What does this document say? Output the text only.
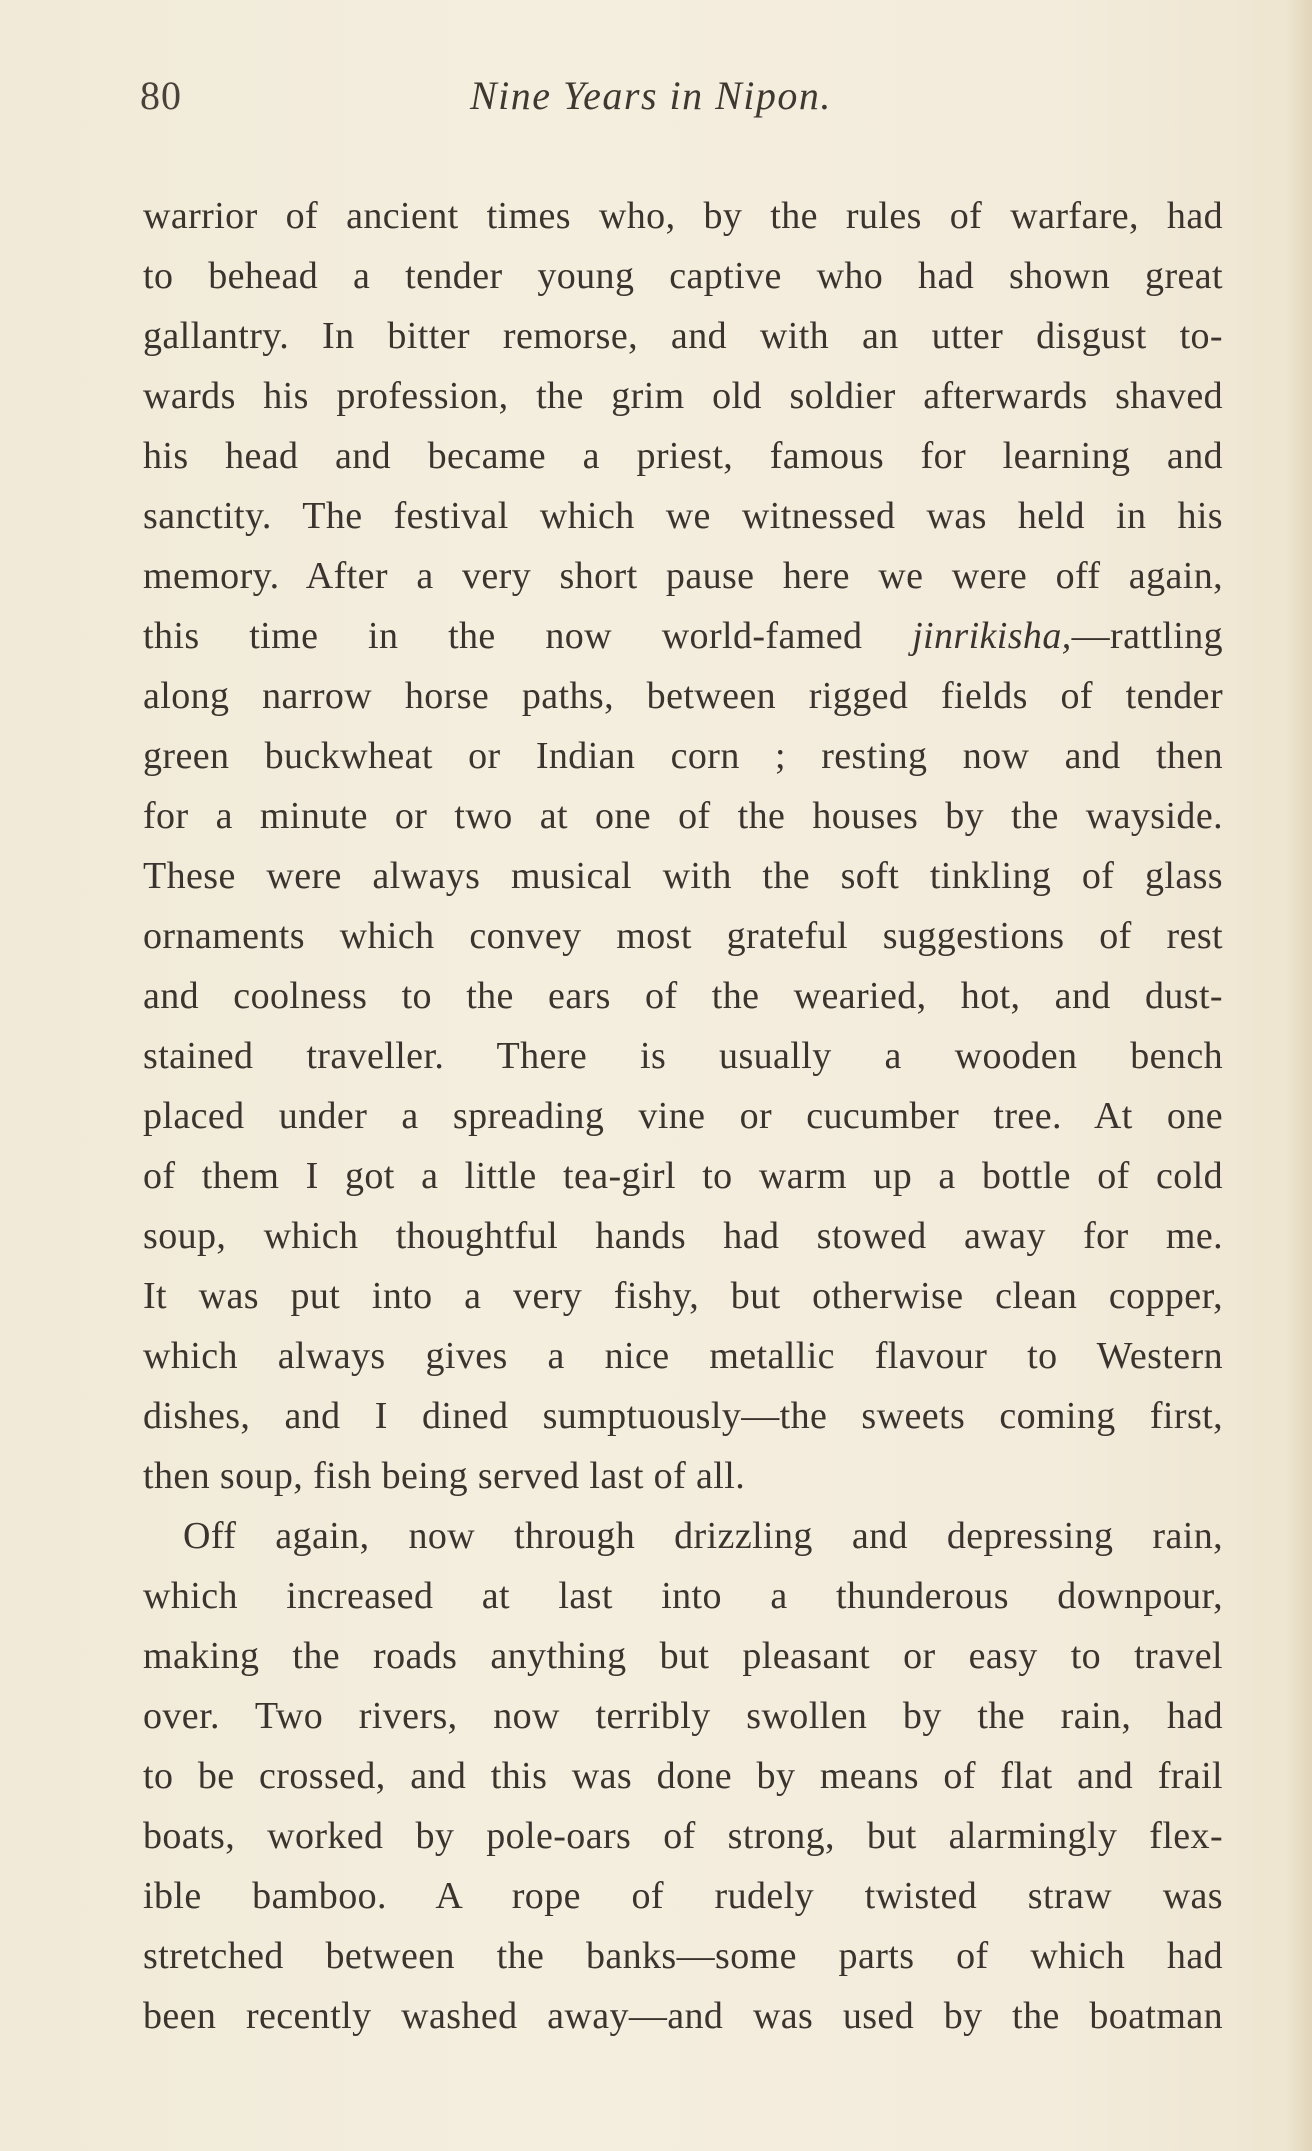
80	Nine Years in Nipon.
warrior of ancient times who, by the rules of warfare, had
to behead a tender young captive who had shown great
gallantry. In bitter remorse, and with an utter disgust to-
wards his profession, the grim old soldier afterwards shaved
his head and became a priest, famous for learning and
sanctity. The festival which we witnessed was held in his
memory. After a very short pause here we were off again,
this time in the now world-famed jinrikisha,—rattling
along narrow horse paths, between rigged fields of tender
green buckwheat or Indian corn ; resting now and then
for a minute or two at one of the houses by the wayside.
These were always musical with the soft tinkling of glass
ornaments which convey most grateful suggestions of rest
and coolness to the ears of the wearied, hot, and dust-
stained traveller. There is usually a wooden bench
placed under a spreading vine or cucumber tree. At one
of them I got a little tea-girl to warm up a bottle of cold
soup, which thoughtful hands had stowed away for me.
It was put into a very fishy, but otherwise clean copper,
which always gives a nice metallic flavour to Western
dishes, and I dined sumptuously—the sweets coming first,
then soup, fish being served last of all.
Off again, now through drizzling and depressing rain,
which increased at last into a thunderous downpour,
making the roads anything but pleasant or easy to travel
over. Two rivers, now terribly swollen by the rain, had
to be crossed, and this was done by means of flat and frail
boats, worked by pole-oars of strong, but alarmingly flex-
ible bamboo. A rope of rudely twisted straw was
stretched between the banks—some parts of which had
been recently washed away—and was used by the boatman
